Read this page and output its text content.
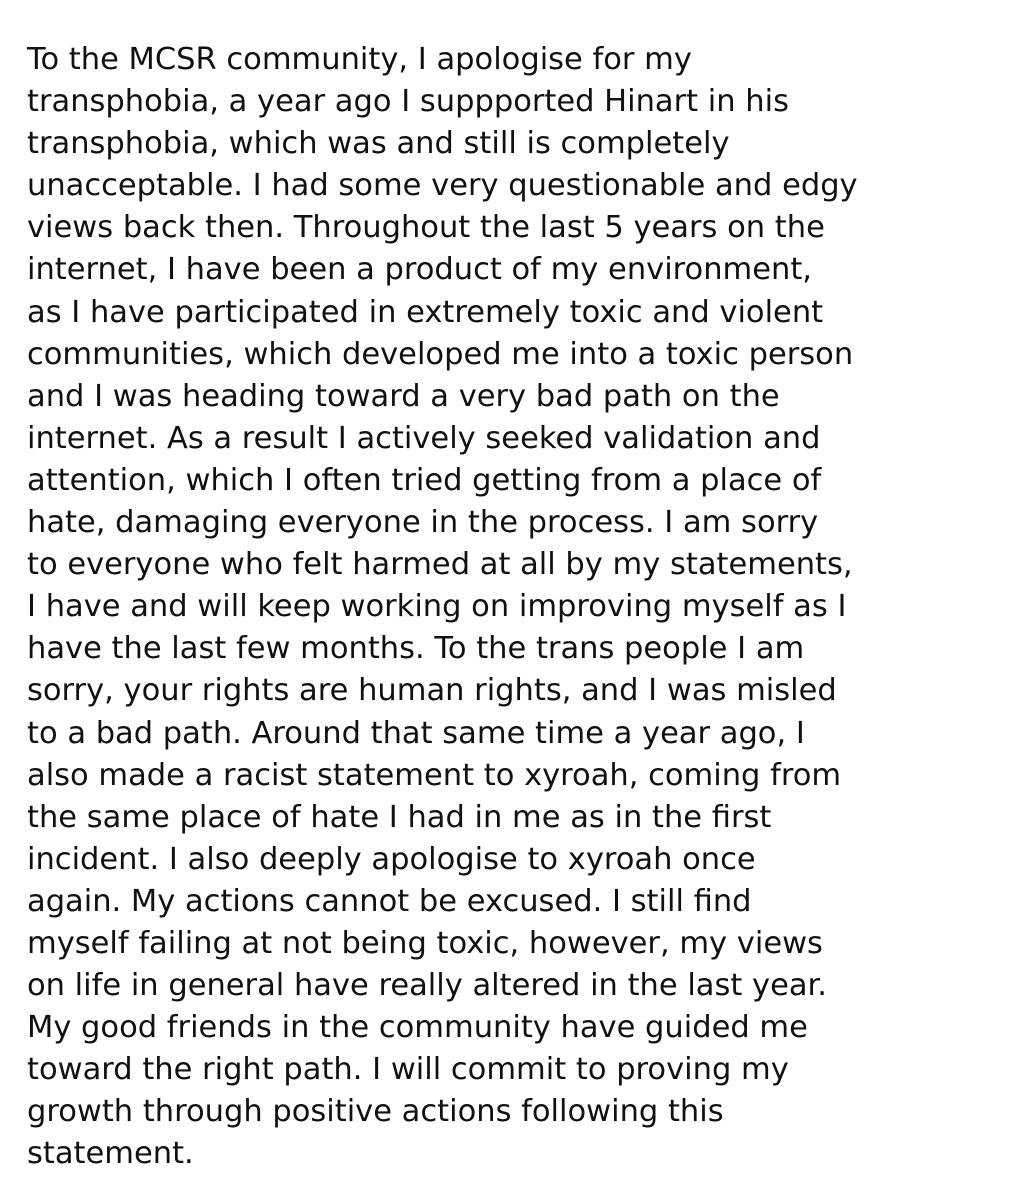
To the MCSR community, I apologise for my
transphobia, a year ago I suppported Hinart in his
transphobia, which was and still is completely
unacceptable. I had some very questionable and edgy
views back then. Throughout the last 5 years on the
internet, I have been a product of my environment,
as I have participated in extremely toxic and violent
communities, which developed me into a toxic person
and I was heading toward a very bad path on the
internet. As a result I actively seeked validation and
attention, which I often tried getting from a place of
hate, damaging everyone in the process. I am sorry
to everyone who felt harmed at all by my statements,
I have and will keep working on improving myself as I
have the last few months. To the trans people I am
sorry, your rights are human rights, and I was misled
to a bad path. Around that same time a year ago, I
also made a racist statement to xyroah, coming from
the same place of hate I had in me as in the first
incident. I also deeply apologise to xyroah once
again. My actions cannot be excused. I still find
myself failing at not being toxic, however, my views
on life in general have really altered in the last year.
My good friends in the community have guided me
toward the right path. I will commit to proving my
growth through positive actions following this
statement.
